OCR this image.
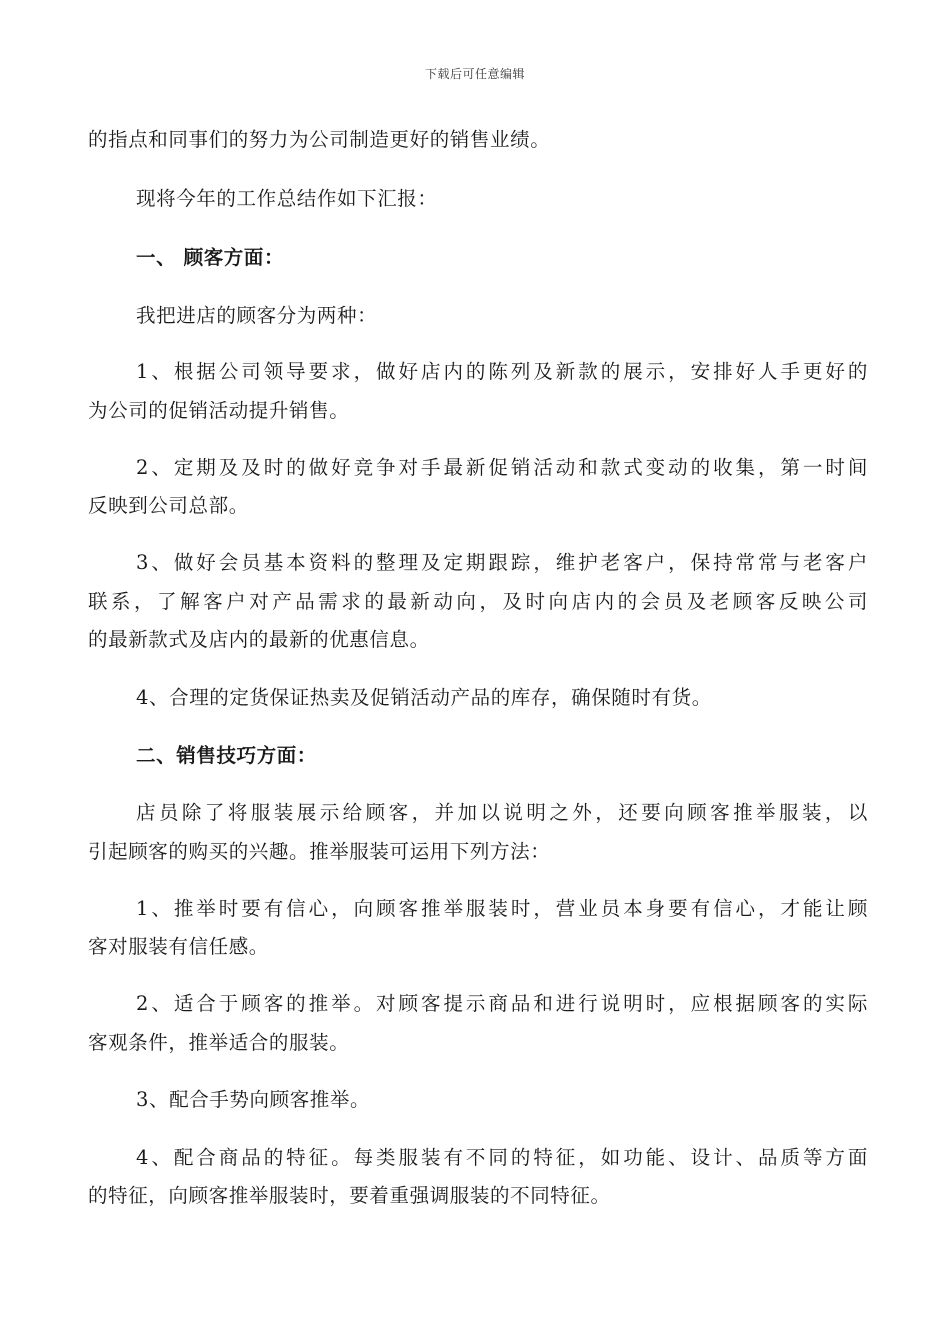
下载后可任意编辑
的指点和同事们的努力为公司制造更好的销售业绩。
现将今年的工作总结作如下汇报：
一、 顾客方面：
我把进店的顾客分为两种：
1、根据公司领导要求，做好店内的陈列及新款的展示，安排好人手更好的
为公司的促销活动提升销售。
2、定期及及时的做好竞争对手最新促销活动和款式变动的收集，第一时间
反映到公司总部。
3、做好会员基本资料的整理及定期跟踪，维护老客户，保持常常与老客户
联系，了解客户对产品需求的最新动向，及时向店内的会员及老顾客反映公司
的最新款式及店内的最新的优惠信息。
4、合理的定货保证热卖及促销活动产品的库存，确保随时有货。
二、销售技巧方面：
店员除了将服装展示给顾客，并加以说明之外，还要向顾客推举服装，以
引起顾客的购买的兴趣。推举服装可运用下列方法：
1、推举时要有信心，向顾客推举服装时，营业员本身要有信心，才能让顾
客对服装有信任感。
2、适合于顾客的推举。对顾客提示商品和进行说明时，应根据顾客的实际
客观条件，推举适合的服装。
3、配合手势向顾客推举。
4、配合商品的特征。每类服装有不同的特征，如功能、设计、品质等方面
的特征，向顾客推举服装时，要着重强调服装的不同特征。
